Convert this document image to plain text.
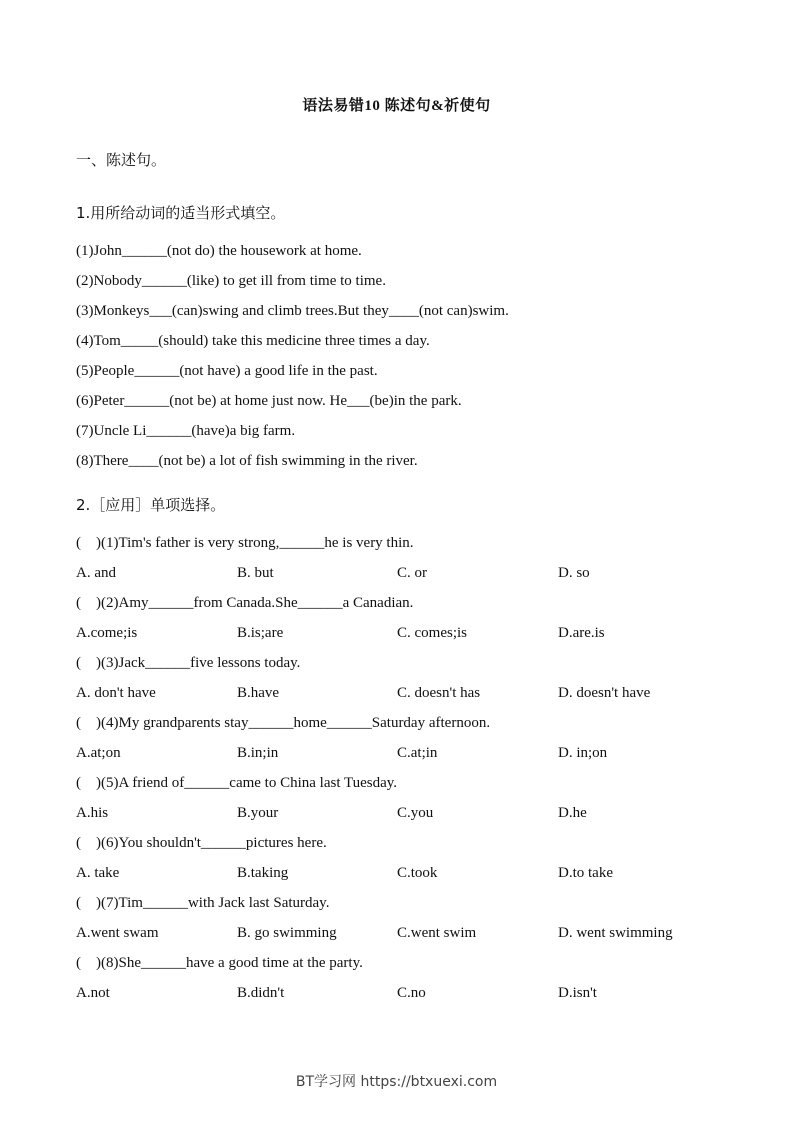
语法易错10 陈述句&祈使句
一、陈述句。
1.用所给动词的适当形式填空。
(1)John______(not do) the housework at home.
(2)Nobody______(like) to get ill from time to time.
(3)Monkeys___(can)swing and climb trees.But they____(not can)swim.
(4)Tom_____(should) take this medicine three times a day.
(5)People______(not have) a good life in the past.
(6)Peter______(not be) at home just now. He___(be)in the park.
(7)Uncle Li______(have)a big farm.
(8)There____(not be) a lot of fish swimming in the river.
2.［应用］单项选择。
(    )(1)Tim's father is very strong,______he is very thin.
A. and	B. but	C. or	D. so
(    )(2)Amy______from Canada.She______a Canadian.
A.come;is	B.is;are	C. comes;is	D.are.is
(    )(3)Jack______five lessons today.
A. don't have	B.have	C. doesn't has	D. doesn't have
(    )(4)My grandparents stay______home______Saturday afternoon.
A.at;on	B.in;in	C.at;in	D. in;on
(    )(5)A friend of______came to China last Tuesday.
A.his	B.your	C.you	D.he
(    )(6)You shouldn't______pictures here.
A. take	B.taking	C.took	D.to take
(    )(7)Tim______with Jack last Saturday.
A.went swam	B. go swimming	C.went swim	D. went swimming
(    )(8)She______have a good time at the party.
A.not	B.didn't	C.no	D.isn't
BT学习网 https://btxuexi.com
